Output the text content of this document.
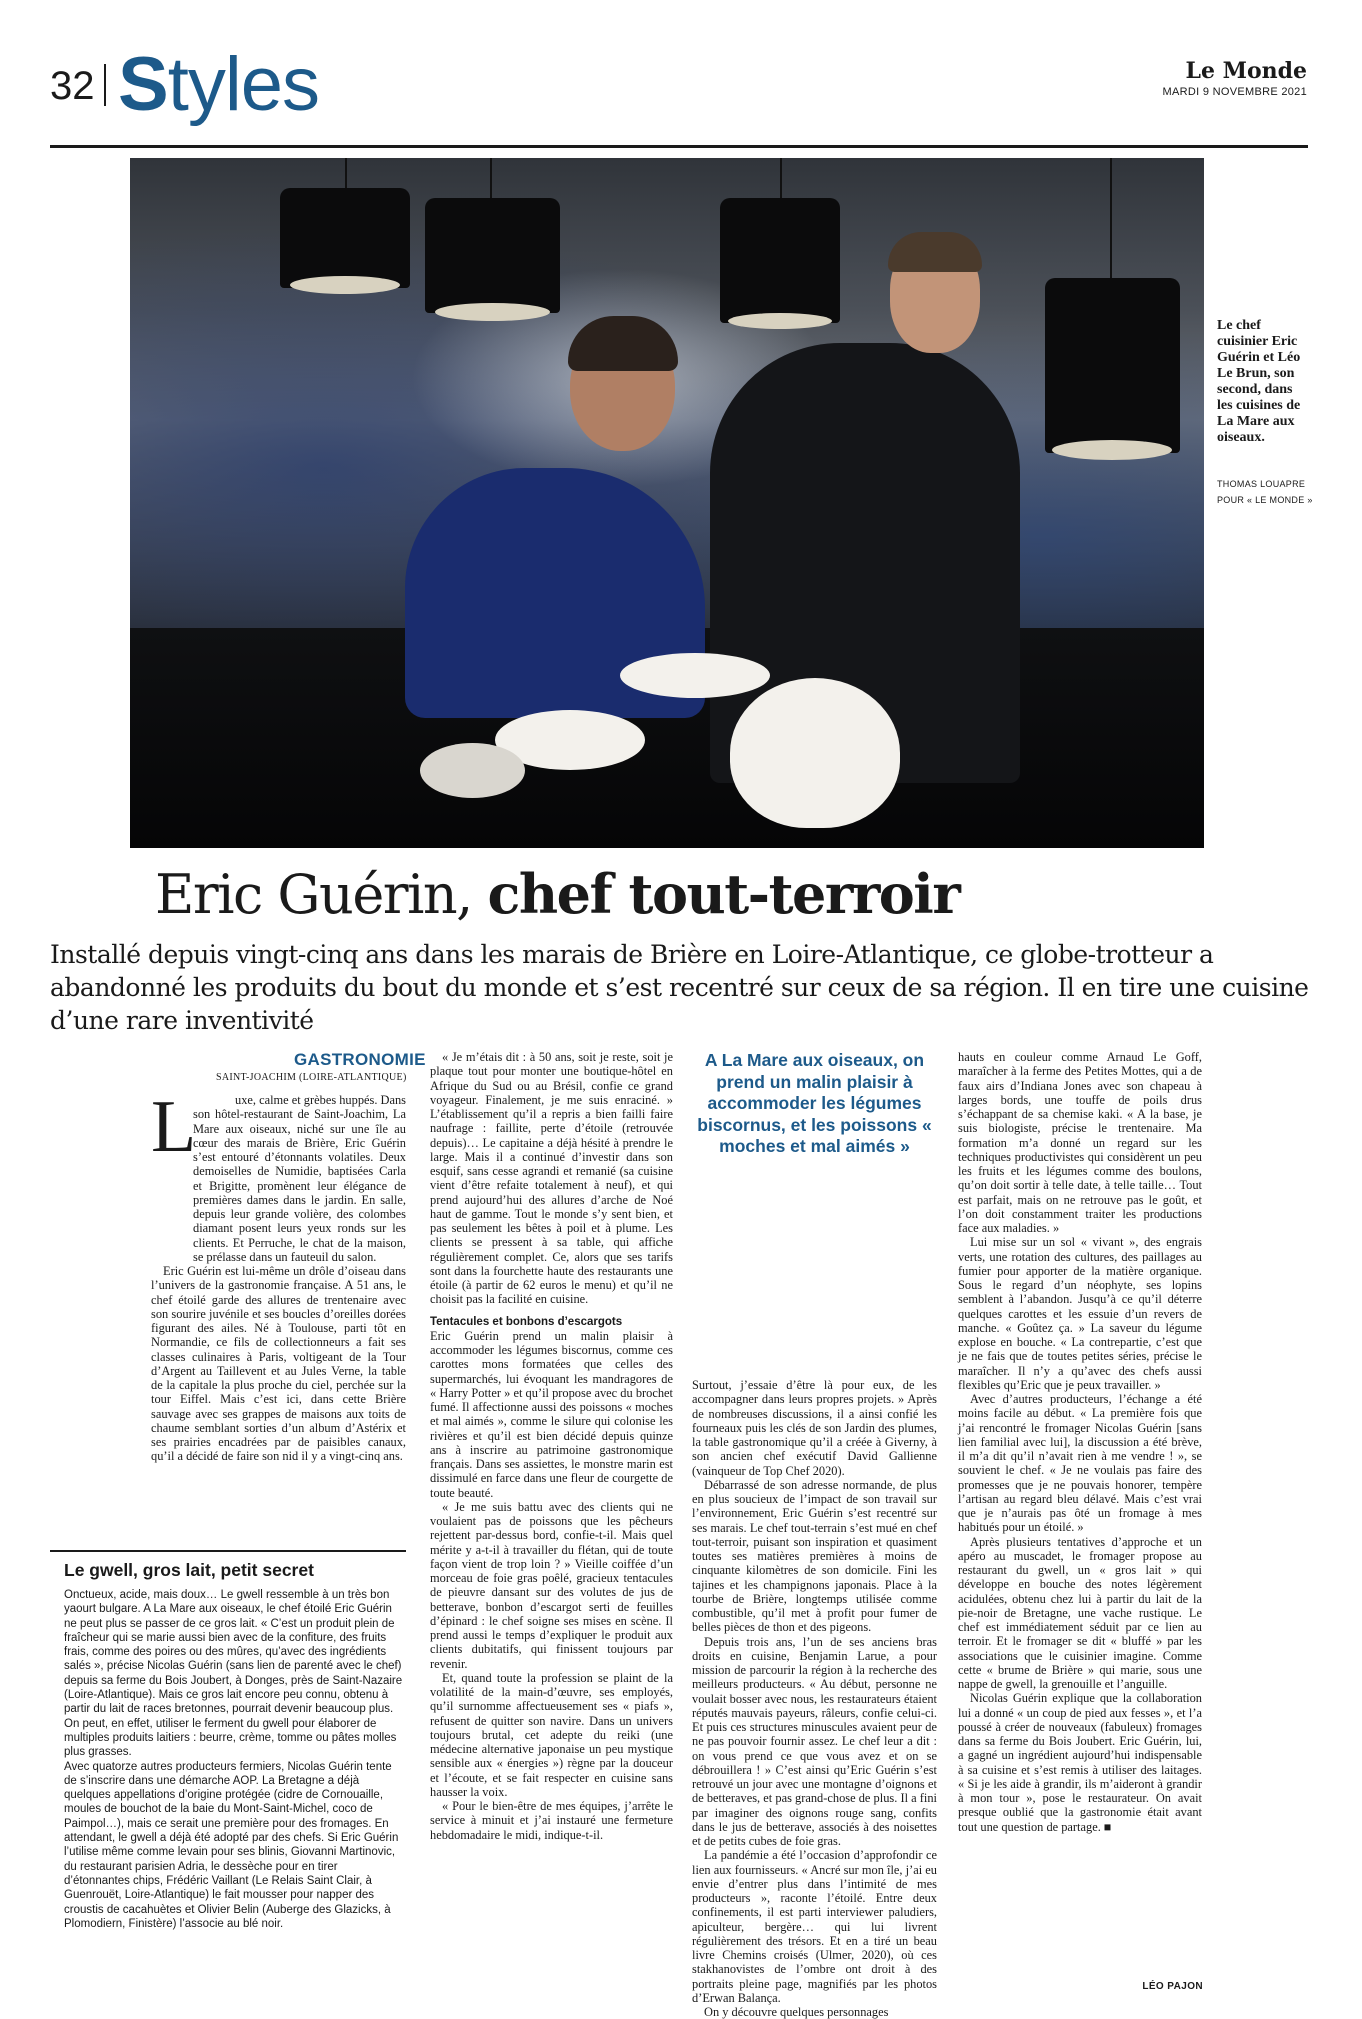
32 Styles	Le Monde
MARDI 9 NOVEMBRE 2021
Le chef cuisinier Eric Guérin et Léo Le Brun, son second, dans les cuisines de La Mare aux oiseaux.
THOMAS LOUAPRE
POUR « LE MONDE »
Eric Guérin, chef tout-terroir
Installé depuis vingt-cinq ans dans les marais de Brière en Loire-Atlantique, ce globe-trotteur a abandonné les produits du bout du monde et s’est recentré sur ceux de sa région. Il en tire une cuisine d’une rare inventivité
Le gwell, gros lait, petit secret

Onctueux, acide, mais doux… Le gwell ressemble à un très bon yaourt bulgare. A La Mare aux oiseaux, le chef étoilé Eric Guérin ne peut plus se passer de ce gros lait. « C’est un produit plein de fraîcheur qui se marie aussi bien avec de la confiture, des fruits frais, comme des poires ou des mûres, qu’avec des ingrédients salés », précise Nicolas Guérin (sans lien de parenté avec le chef) depuis sa ferme du Bois Joubert, à Donges, près de Saint-Nazaire (Loire-Atlantique). Mais ce gros lait encore peu connu, obtenu à partir du lait de races bretonnes, pourrait devenir beaucoup plus. On peut, en effet, utiliser le ferment du gwell pour élaborer de multiples produits laitiers : beurre, crème, tomme ou pâtes molles plus grasses.

Avec quatorze autres producteurs fermiers, Nicolas Guérin tente de s’inscrire dans une démarche AOP. La Bretagne a déjà quelques appellations d’origine protégée (cidre de Cornouaille, moules de bouchot de la baie du Mont-Saint-Michel, coco de Paimpol…), mais ce serait une première pour des fromages. En attendant, le gwell a déjà été adopté par des chefs. Si Eric Guérin l’utilise même comme levain pour ses blinis, Giovanni Martinovic, du restaurant parisien Adria, le dessèche pour en tirer d’étonnantes chips, Frédéric Vaillant (Le Relais Saint Clair, à Guenrouët, Loire-Atlantique) le fait mousser pour napper des croustis de cacahuètes et Olivier Belin (Auberge des Glazicks, à Plomodiern, Finistère) l’associe au blé noir.

GASTRONOMIE
SAINT-JOACHIM (LOIRE-ATLANTIQUE)
L	uxe, calme et grèbes huppés. Dans son hôtel-restaurant de Saint-Joachim, La Mare aux oiseaux, niché sur une île au cœur des marais de Brière, Eric Guérin s’est entouré d’étonnants volatiles. Deux demoiselles de Numidie, baptisées Carla et Brigitte, promènent leur élégance de premières dames dans le jardin. En salle, depuis leur grande volière, des colombes diamant posent leurs yeux ronds sur les clients. Et Perruche, le chat de la maison, se prélasse dans un fauteuil du salon.

Eric Guérin est lui-même un drôle d’oiseau dans l’univers de la gastronomie française. A 51 ans, le chef étoilé garde des allures de trentenaire avec son sourire juvénile et ses boucles d’oreilles dorées figurant des ailes. Né à Toulouse, parti tôt en Normandie, ce fils de collectionneurs a fait ses classes culinaires à Paris, voltigeant de la Tour d’Argent au Taillevent et au Jules Verne, la table de la capitale la plus proche du ciel, perchée sur la tour Eiffel. Mais c’est ici, dans cette Brière sauvage avec ses grappes de maisons aux toits de chaume semblant sorties d’un album d’Astérix et ses prairies encadrées par de paisibles canaux, qu’il a décidé de faire son nid il y a vingt-cinq ans.

« Je m’étais dit : à 50 ans, soit je reste, soit je plaque tout pour monter une boutique-hôtel en Afrique du Sud ou au Brésil, confie ce grand voyageur. Finalement, je me suis enraciné. » L’établissement qu’il a repris a bien failli faire naufrage : faillite, perte d’étoile (retrouvée depuis)… Le capitaine a déjà hésité à prendre le large. Mais il a continué d’investir dans son esquif, sans cesse agrandi et remanié (sa cuisine vient d’être refaite totalement à neuf), et qui prend aujourd’hui des allures d’arche de Noé haut de gamme. Tout le monde s’y sent bien, et pas seulement les bêtes à poil et à plume. Les clients se pressent à sa table, qui affiche régulièrement complet. Ce, alors que ses tarifs sont dans la fourchette haute des restaurants une étoile (à partir de 62 euros le menu) et qu’il ne choisit pas la facilité en cuisine.

Tentacules et bonbons d’escargots

Eric Guérin prend un malin plaisir à accommoder les légumes biscornus, comme ces carottes mons formatées que celles des supermarchés, lui évoquant les mandragores de « Harry Potter » et qu’il propose avec du brochet fumé. Il affectionne aussi des poissons « moches et mal aimés », comme le silure qui colonise les rivières et qu’il est bien décidé depuis quinze ans à inscrire au patrimoine gastronomique français. Dans ses assiettes, le monstre marin est dissimulé en farce dans une fleur de courgette de toute beauté.

« Je me suis battu avec des clients qui ne voulaient pas de poissons que les pêcheurs rejettent par-dessus bord, confie-t-il. Mais quel mérite y a-t-il à travailler du flétan, qui de toute façon vient de trop loin ? » Vieille coiffée d’un morceau de foie gras poêlé, gracieux tentacules de pieuvre dansant sur des volutes de jus de betterave, bonbon d’escargot serti de feuilles d’épinard : le chef soigne ses mises en scène. Il prend aussi le temps d’expliquer le produit aux clients dubitatifs, qui finissent toujours par revenir.

Et, quand toute la profession se plaint de la volatilité de la main-d’œuvre, ses employés, qu’il surnomme affectueusement ses « piafs », refusent de quitter son navire. Dans un univers toujours brutal, cet adepte du reiki (une médecine alternative japonaise un peu mystique sensible aux « énergies ») règne par la douceur et l’écoute, et se fait respecter en cuisine sans hausser la voix.

« Pour le bien-être de mes équipes, j’arrête le service à minuit et j’ai instauré une fermeture hebdomadaire le midi, indique-t-il.

A La Mare aux oiseaux, on prend un malin plaisir à accommoder les légumes biscornus, et les poissons « moches et mal aimés »

Surtout, j’essaie d’être là pour eux, de les accompagner dans leurs propres projets. » Après de nombreuses discussions, il a ainsi confié les fourneaux puis les clés de son Jardin des plumes, la table gastronomique qu’il a créée à Giverny, à son ancien chef exécutif David Gallienne (vainqueur de Top Chef 2020).

Débarrassé de son adresse normande, de plus en plus soucieux de l’impact de son travail sur l’environnement, Eric Guérin s’est recentré sur ses marais. Le chef tout-terrain s’est mué en chef tout-terroir, puisant son inspiration et quasiment toutes ses matières premières à moins de cinquante kilomètres de son domicile. Fini les tajines et les champignons japonais. Place à la tourbe de Brière, longtemps utilisée comme combustible, qu’il met à profit pour fumer de belles pièces de thon et des pigeons.

Depuis trois ans, l’un de ses anciens bras droits en cuisine, Benjamin Larue, a pour mission de parcourir la région à la recherche des meilleurs producteurs. « Au début, personne ne voulait bosser avec nous, les restaurateurs étaient réputés mauvais payeurs, râleurs, confie celui-ci. Et puis ces structures minuscules avaient peur de ne pas pouvoir fournir assez. Le chef leur a dit : on vous prend ce que vous avez et on se débrouillera ! » C’est ainsi qu’Eric Guérin s’est retrouvé un jour avec une montagne d’oignons et de betteraves, et pas grand-chose de plus. Il a fini par imaginer des oignons rouge sang, confits dans le jus de betterave, associés à des noisettes et de petits cubes de foie gras.

La pandémie a été l’occasion d’approfondir ce lien aux fournisseurs. « Ancré sur mon île, j’ai eu envie d’entrer plus dans l’intimité de mes producteurs », raconte l’étoilé. Entre deux confinements, il est parti interviewer paludiers, apiculteur, bergère… qui lui livrent régulièrement des trésors. Et en a tiré un beau livre Chemins croisés (Ulmer, 2020), où ces stakhanovistes de l’ombre ont droit à des portraits pleine page, magnifiés par les photos d’Erwan Balança.

On y découvre quelques personnages

hauts en couleur comme Arnaud Le Goff, maraîcher à la ferme des Petites Mottes, qui a de faux airs d’Indiana Jones avec son chapeau à larges bords, une touffe de poils drus s’échappant de sa chemise kaki. « A la base, je suis biologiste, précise le trentenaire. Ma formation m’a donné un regard sur les techniques productivistes qui considèrent un peu les fruits et les légumes comme des boulons, qu’on doit sortir à telle date, à telle taille… Tout est parfait, mais on ne retrouve pas le goût, et l’on doit constamment traiter les productions face aux maladies. »

Lui mise sur un sol « vivant », des engrais verts, une rotation des cultures, des paillages au fumier pour apporter de la matière organique. Sous le regard d’un néophyte, ses lopins semblent à l’abandon. Jusqu’à ce qu’il déterre quelques carottes et les essuie d’un revers de manche. « Goûtez ça. » La saveur du légume explose en bouche. « La contrepartie, c’est que je ne fais que de toutes petites séries, précise le maraîcher. Il n’y a qu’avec des chefs aussi flexibles qu’Eric que je peux travailler. »

Avec d’autres producteurs, l’échange a été moins facile au début. « La première fois que j’ai rencontré le fromager Nicolas Guérin [sans lien familial avec lui], la discussion a été brève, il m’a dit qu’il n’avait rien à me vendre ! », se souvient le chef. « Je ne voulais pas faire des promesses que je ne pouvais honorer, tempère l’artisan au regard bleu délavé. Mais c’est vrai que je n’aurais pas ôté un fromage à mes habitués pour un étoilé. »

Après plusieurs tentatives d’approche et un apéro au muscadet, le fromager propose au restaurant du gwell, un « gros lait » qui développe en bouche des notes légèrement acidulées, obtenu chez lui à partir du lait de la pie-noir de Bretagne, une vache rustique. Le chef est immédiatement séduit par ce lien au terroir. Et le fromager se dit « bluffé » par les associations que le cuisinier imagine. Comme cette « brume de Brière » qui marie, sous une nappe de gwell, la grenouille et l’anguille.

Nicolas Guérin explique que la collaboration lui a donné « un coup de pied aux fesses », et l’a poussé à créer de nouveaux (fabuleux) fromages dans sa ferme du Bois Joubert. Eric Guérin, lui, a gagné un ingrédient aujourd’hui indispensable à sa cuisine et s’est remis à utiliser des laitages. « Si je les aide à grandir, ils m’aideront à grandir à mon tour », pose le restaurateur. On avait presque oublié que la gastronomie était avant tout une question de partage. ■

LÉO PAJON
